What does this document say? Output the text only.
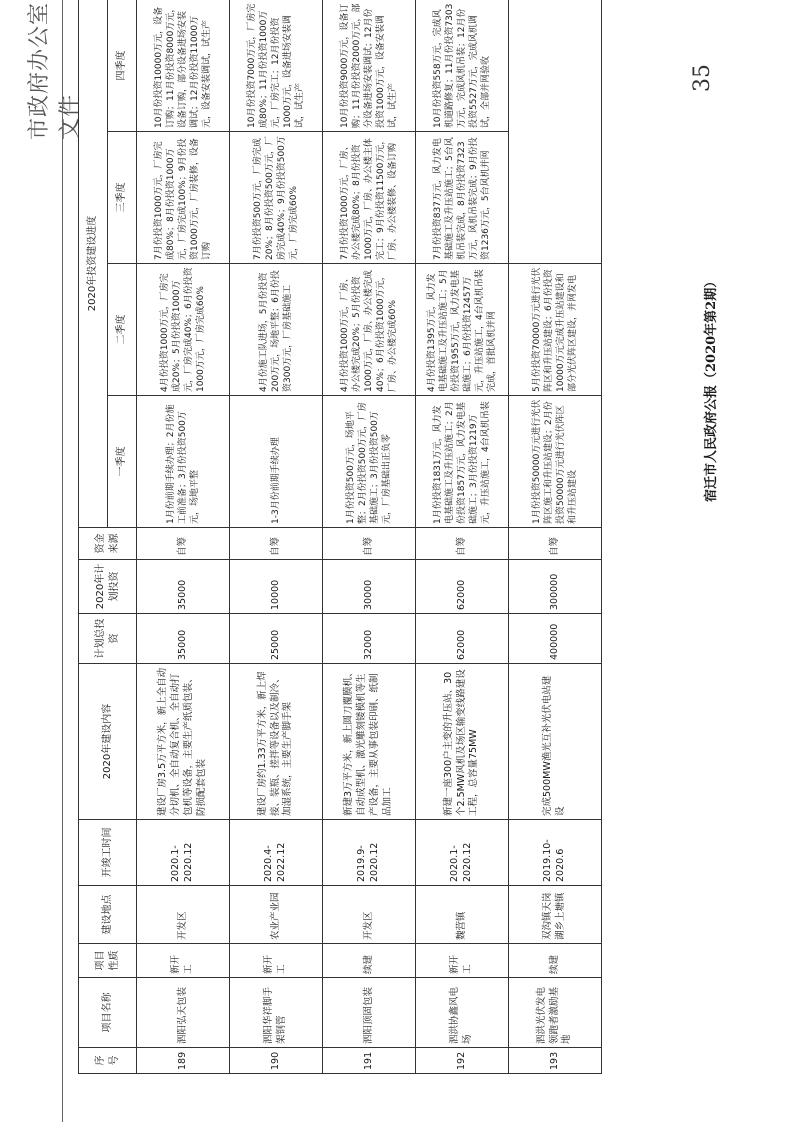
市政府办公室文件
序号	项目名称	项目性质	建设地点	开竣工时间	2020年建设内容	计划总投资	2020年计划投资	资金来源	2020年投资建设进度	
									一季度	二季度	三季度	四季度	
189	泗阳弘天包装	新开工	开发区	2020.1-2020.12	建设厂房3.5万平方米，新上全自动分切机、全自动复合机、全自动打包机等设备，主要生产纸质包装、防损配套包装	35000	35000	自筹	1月份前期手续办理；2月份施工前准备；3月份投资500万元，场地平整	4月份投资1000万元，厂房完成20%；5月份投资1000万元，厂房完成40%；6月份投资1000万元，厂房完成60%	7月份投资1000万元，厂房完成80%；8月份投资1000万元，厂房完成100%；9月份投资1000万元，厂房装修，设备订购	10月份投资10000万元，设备订购；11月份投资8000万元，设备订购，部分设备进场安装调试；12月份投资11000万元，设备安装调试，试生产	
190	泗阳华祥脚手架钢管	新开工	农业产业园	2020.4-2022.12	建设厂房约1.33万平方米，新上焊接、装瓶、搓拌等设备以及制冷、加湿系统，主要生产脚手架	25000	10000	自筹	1-3月份前期手续办理	4月份施工队进场，5月份投资200万元，场地平整；6月份投资300万元，厂房基础施工	7月份投资500万元，厂房完成20%；8月份投资500万元，厂房完成40%；9月份投资500万元，厂房完成60%	10月份投资7000万元，厂房完成80%；11月份投资1000万元，厂房完工；12月份投资1000万元，设备进场安装调试，试生产	
191	泗阳顶固包装	续建	开发区	2019.9-2020.12	新建3万平方米，新上圆刀覆膜机、自动成型机、激光雕刻镂模机等生产设备，主要从事包装印刷、纸制品加工	32000	30000	自筹	1月份投资500万元，场地平整；2月份投资500万元，厂房基础施工；3月份投资500万元，厂房基础出正负零	4月份投资1000万元，厂房、办公楼完成20%；5月份投资1000万元，厂房、办公楼完成40%；6月份投资1000万元，厂房、办公楼完成60%	7月份投资1000万元，厂房、办公楼完成80%；8月份投资1000万元，厂房、办公楼主体完工；9月份投资11500万元，厂房、办公楼装修、设备订购	10月份投资9000万元，设备订购；11月份投资2000万元，部分设备进场安装调试；12月份投资1000万元，设备安装调试，试生产	
192	泗洪协鑫风电场	新开工	魏营镇	2020.1-2020.12	新建一座300户主变的升压站、30个2.5MW风机及场区输变线路建设工程，总容量75MW	62000	62000	自筹	1月份投资1831万元，风力发电基础施工及升压站施工；2月份投资1857万元，风力发电基础施工；3月份投资1219万元，升压站施工，4台风机吊装	4月份投资1395万元，风力发电基础施工及升压站施工；5月份投资1955万元，风力发电基础施工；6月份投资12457万元，升压站施工，4台风机吊装完成，首批风机并网	7月份投资837万元，风力发电基础施工及升压站施工；5台风机吊装完成，8月份投资7323万元，风机吊装完成；9月份投资1236万元，5台风机并网	10月份投资558万元，完成风机道路修复；11月份投资7303万元，完成风机吊装；12月份投资5527万元，完成风机调试，全部并网验收	
193	泗洪光伏发电领跑者激励基地	续建	双沟镇天岗湖乡上塘镇	2019.10-2020.6	完成500MW渔光互补光伏电站建设	400000	300000	自筹	1月份投资50000万元进行光伏阵区施工和升压站建设；2月份投资50000万元进行光伏阵区和升压站建设	5月份投资70000万元进行光伏阵区和升压站建设；6月份投资10000万元完成升压站建设和部分光伏阵区建设，并网发电			宿迁市人民政府公报（2020年第2期）
35
